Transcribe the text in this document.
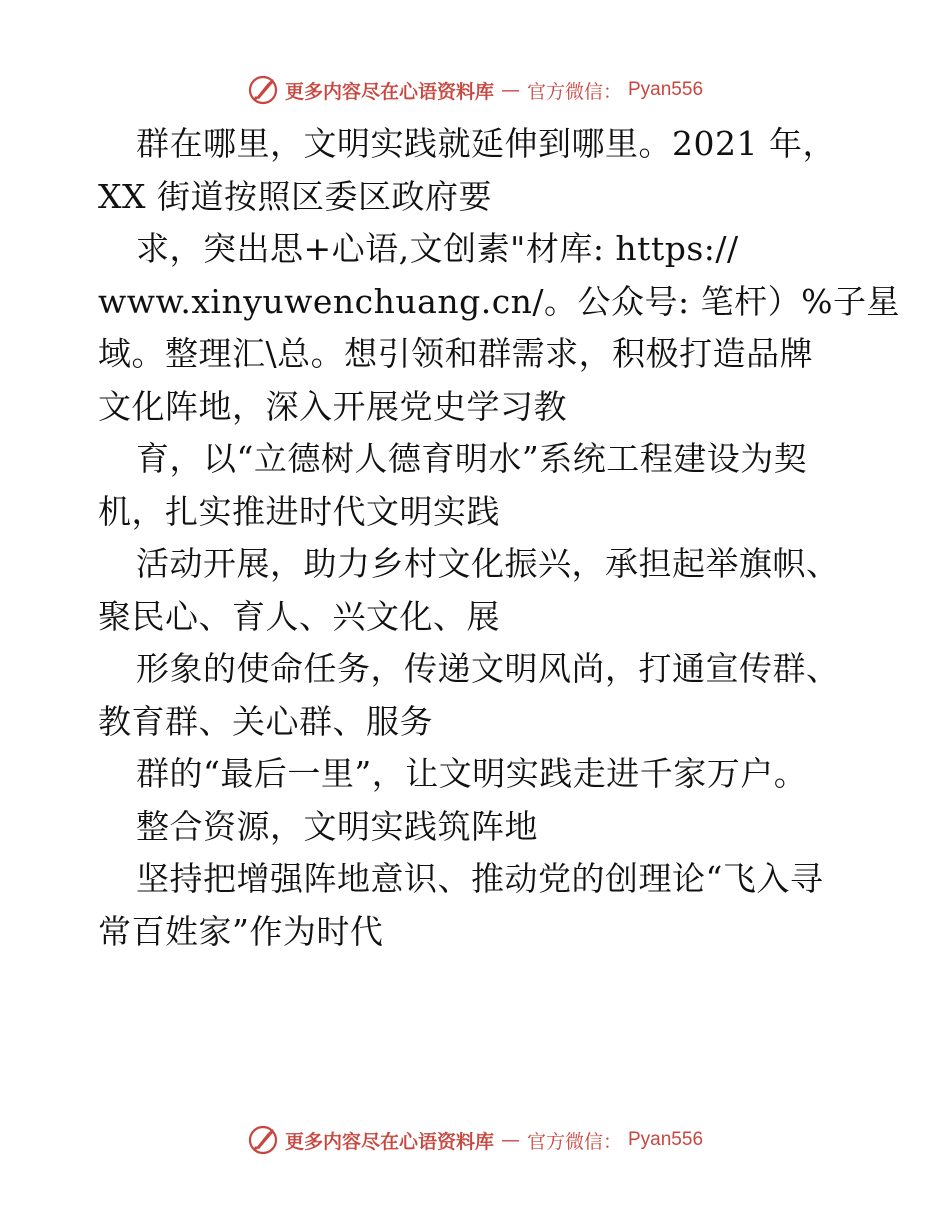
更多内容尽在心语资料库 — 官方微信： Pyan556
群在哪里，文明实践就延伸到哪里。2021 年，
XX 街道按照区委区政府要
求，突出思+心语,文创素"材库: https://
www.xinyuwenchuang.cn/。公众号: 笔杆）%子星
域。整理汇\总。想引领和群需求，积极打造品牌
文化阵地，深入开展党史学习教
育，以“立德树人德育明水”系统工程建设为契
机，扎实推进时代文明实践
活动开展，助力乡村文化振兴，承担起举旗帜、
聚民心、育人、兴文化、展
形象的使命任务，传递文明风尚，打通宣传群、
教育群、关心群、服务
群的“最后一里”，让文明实践走进千家万户。
整合资源，文明实践筑阵地
坚持把增强阵地意识、推动党的创理论“飞入寻
常百姓家”作为时代
更多内容尽在心语资料库 — 官方微信： Pyan556
